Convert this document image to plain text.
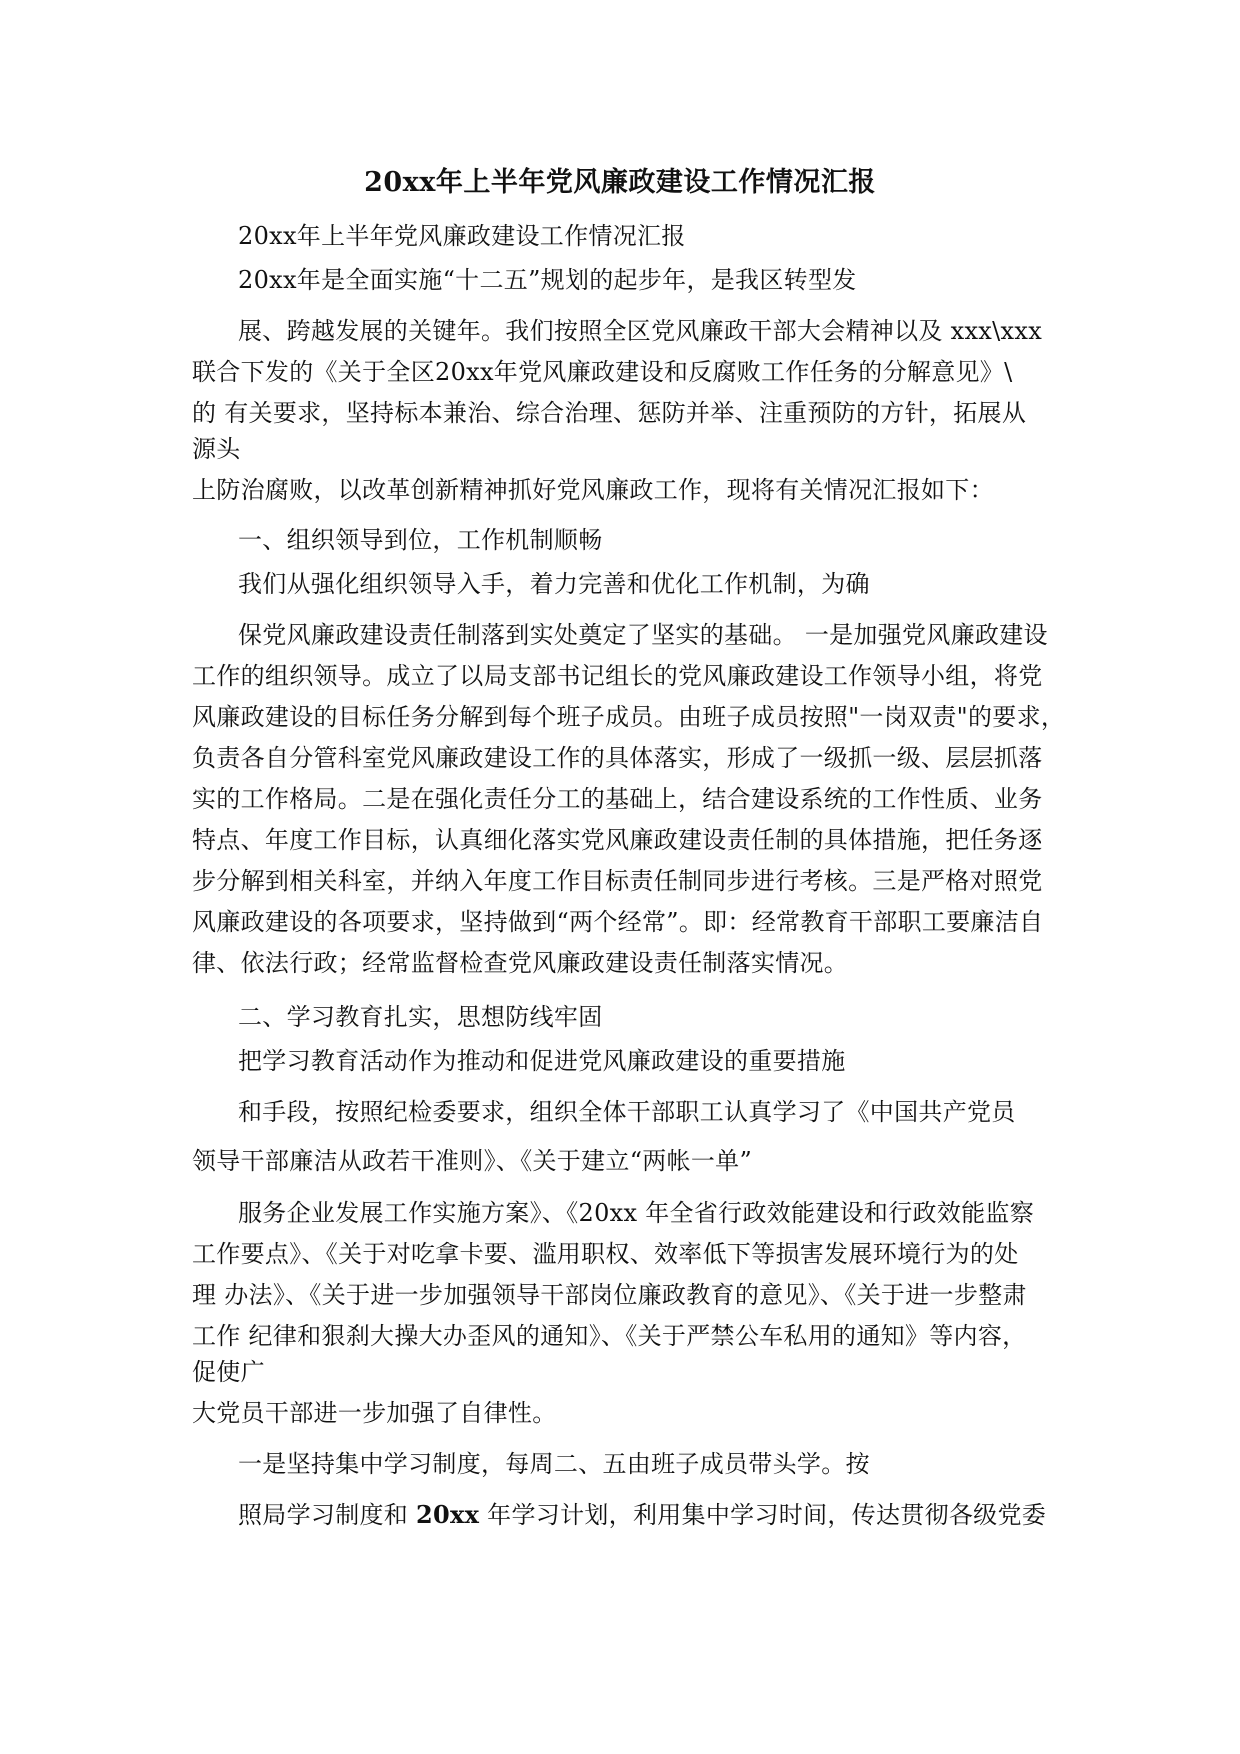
20xx年上半年党风廉政建设工作情况汇报
20xx年上半年党风廉政建设工作情况汇报
20xx年是全面实施“十二五”规划的起步年，是我区转型发
展、跨越发展的关键年。我们按照全区党风廉政干部大会精神以及 xxx\xxx
联合下发的《关于全区20xx年党风廉政建设和反腐败工作任务的分解意见》\
的 有关要求，坚持标本兼治、综合治理、惩防并举、注重预防的方针，拓展从
源头
上防治腐败，以改革创新精神抓好党风廉政工作，现将有关情况汇报如下：
一、组织领导到位，工作机制顺畅
我们从强化组织领导入手，着力完善和优化工作机制，为确
保党风廉政建设责任制落到实处奠定了坚实的基础。 一是加强党风廉政建设
工作的组织领导。成立了以局支部书记组长的党风廉政建设工作领导小组，将党
风廉政建设的目标任务分解到每个班子成员。由班子成员按照"一岗双责"的要求，
负责各自分管科室党风廉政建设工作的具体落实，形成了一级抓一级、层层抓落
实的工作格局。二是在强化责任分工的基础上，结合建设系统的工作性质、业务
特点、年度工作目标，认真细化落实党风廉政建设责任制的具体措施，把任务逐
步分解到相关科室，并纳入年度工作目标责任制同步进行考核。三是严格对照党
风廉政建设的各项要求，坚持做到“两个经常”。即：经常教育干部职工要廉洁自
律、依法行政；经常监督检查党风廉政建设责任制落实情况。
二、学习教育扎实，思想防线牢固
把学习教育活动作为推动和促进党风廉政建设的重要措施
和手段，按照纪检委要求，组织全体干部职工认真学习了《中国共产党员
领导干部廉洁从政若干准则》、《关于建立“两帐一单”
服务企业发展工作实施方案》、《20xx 年全省行政效能建设和行政效能监察
工作要点》、《关于对吃拿卡要、滥用职权、效率低下等损害发展环境行为的处
理 办法》、《关于进一步加强领导干部岗位廉政教育的意见》、《关于进一步整肃
工作 纪律和狠刹大操大办歪风的通知》、《关于严禁公车私用的通知》等内容，
促使广
大党员干部进一步加强了自律性。
一是坚持集中学习制度，每周二、五由班子成员带头学。按
照局学习制度和 20xx 年学习计划，利用集中学习时间，传达贯彻各级党委
